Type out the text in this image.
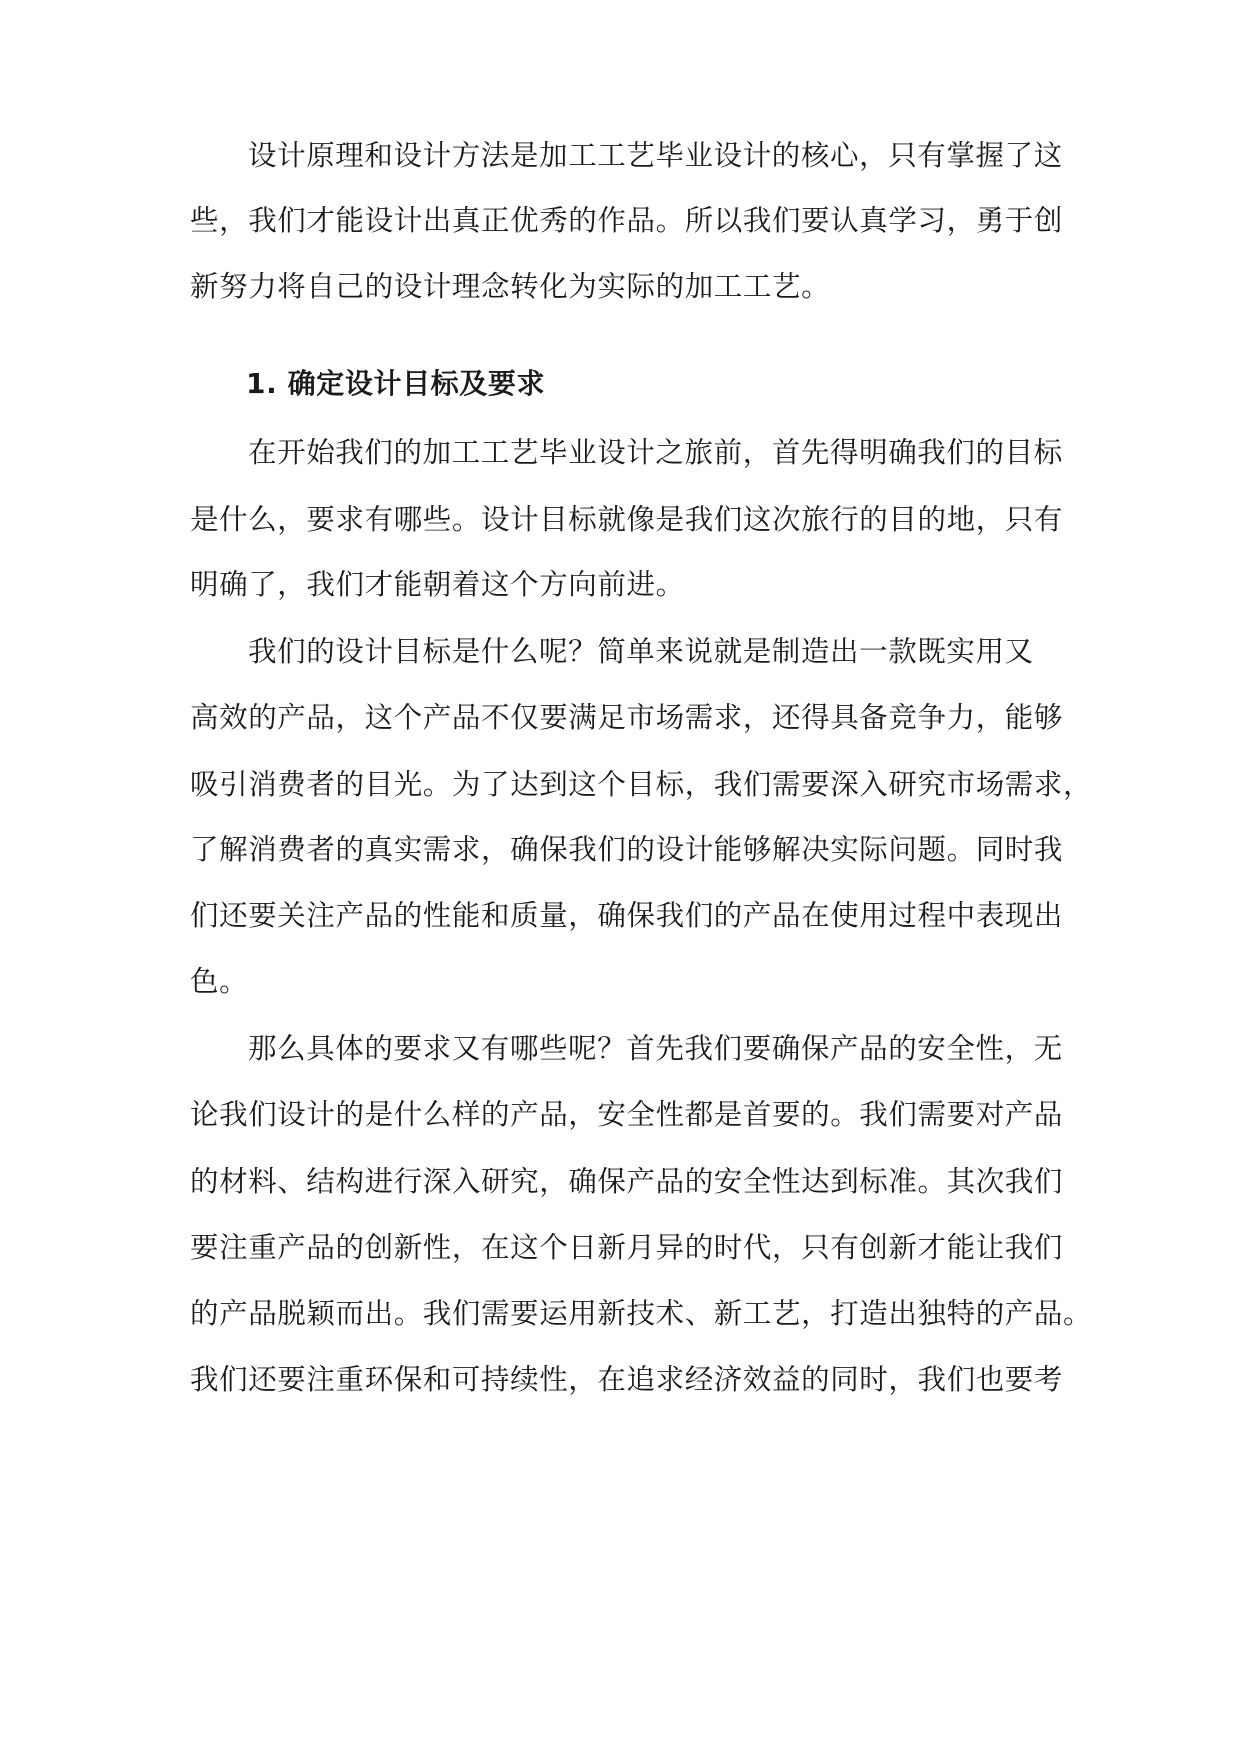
设计原理和设计方法是加工工艺毕业设计的核心，只有掌握了这
些，我们才能设计出真正优秀的作品。所以我们要认真学习，勇于创
新努力将自己的设计理念转化为实际的加工工艺。
1. 确定设计目标及要求
在开始我们的加工工艺毕业设计之旅前，首先得明确我们的目标
是什么，要求有哪些。设计目标就像是我们这次旅行的目的地，只有
明确了，我们才能朝着这个方向前进。
我们的设计目标是什么呢？简单来说就是制造出一款既实用又
高效的产品，这个产品不仅要满足市场需求，还得具备竞争力，能够
吸引消费者的目光。为了达到这个目标，我们需要深入研究市场需求，
了解消费者的真实需求，确保我们的设计能够解决实际问题。同时我
们还要关注产品的性能和质量，确保我们的产品在使用过程中表现出
色。
那么具体的要求又有哪些呢？首先我们要确保产品的安全性，无
论我们设计的是什么样的产品，安全性都是首要的。我们需要对产品
的材料、结构进行深入研究，确保产品的安全性达到标准。其次我们
要注重产品的创新性，在这个日新月异的时代，只有创新才能让我们
的产品脱颖而出。我们需要运用新技术、新工艺，打造出独特的产品。
我们还要注重环保和可持续性，在追求经济效益的同时，我们也要考
